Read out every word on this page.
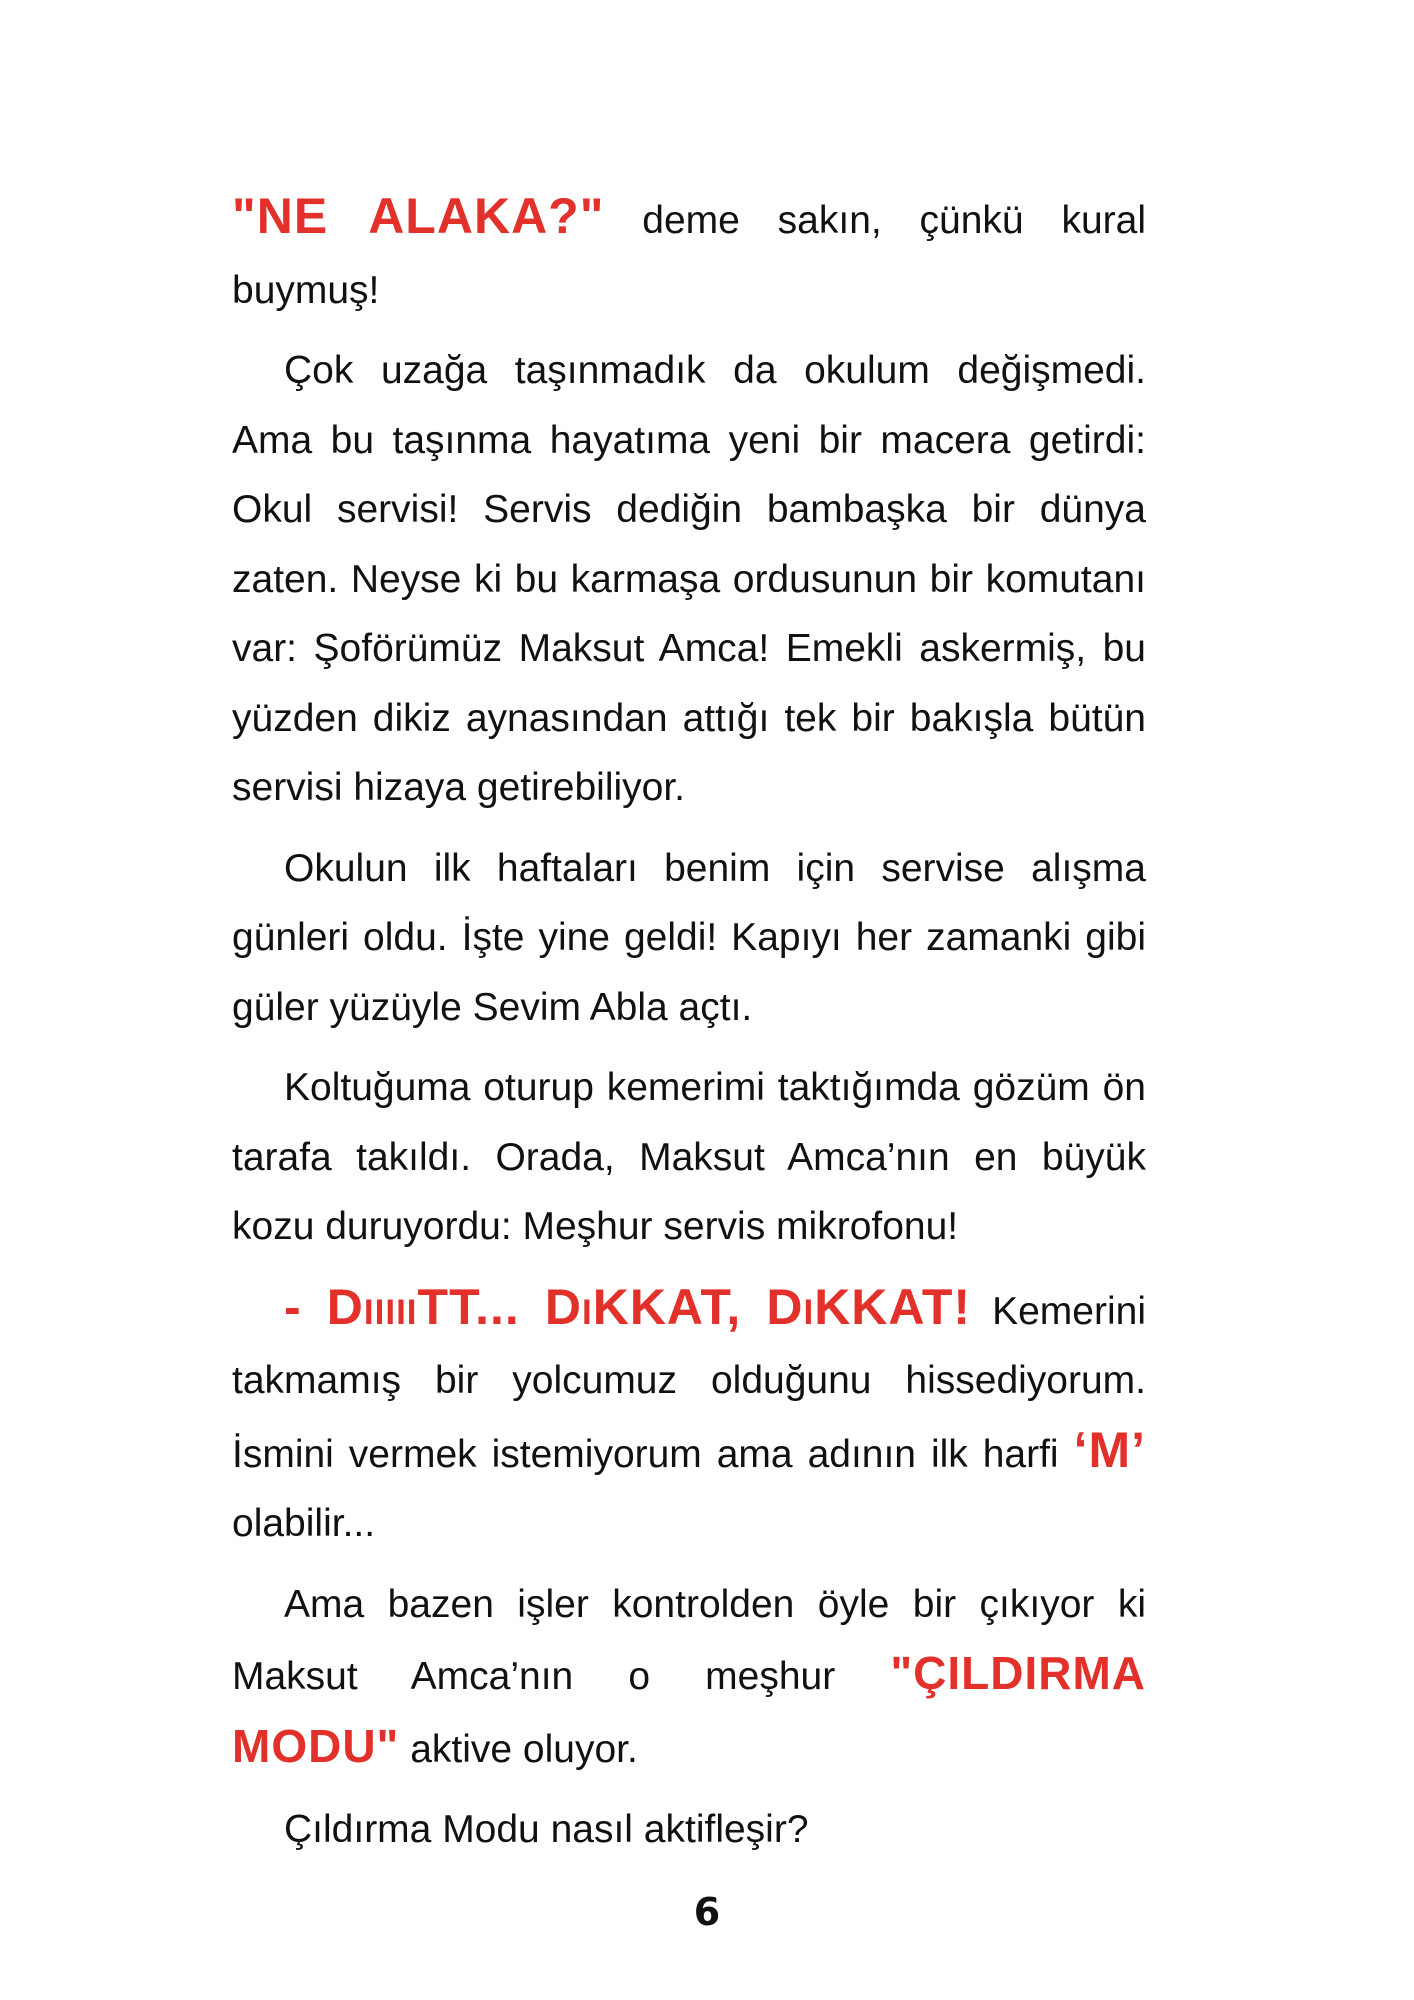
"NE ALAKA?" deme sakın, çünkü kural buymuş!

Çok uzağa taşınmadık da okulum değişmedi. Ama bu taşınma hayatıma yeni bir macera getirdi: Okul servisi! Servis dediğin bambaşka bir dünya zaten. Neyse ki bu karmaşa ordusunun bir komutanı var: Şoförümüz Maksut Amca! Emekli askermiş, bu yüzden dikiz aynasından attığı tek bir bakışla bütün servisi hizaya getirebiliyor.

Okulun ilk haftaları benim için servise alışma günleri oldu. İşte yine geldi! Kapıyı her zamanki gibi güler yüzüyle Sevim Abla açtı.

Koltuğuma oturup kemerimi taktığımda gözüm ön tarafa takıldı. Orada, Maksut Amca’nın en büyük kozu duruyordu: Meşhur servis mikrofonu!

- DıııııTT... DiKKAT, DiKKAT! Kemerini takmamış bir yolcumuz olduğunu hissediyorum. İsmini vermek istemiyorum ama adının ilk harfi ‘M’ olabilir...

Ama bazen işler kontrolden öyle bir çıkıyor ki Maksut Amca’nın o meşhur "ÇILDIRMA MODU" aktive oluyor.

Çıldırma Modu nasıl aktifleşir?

6
